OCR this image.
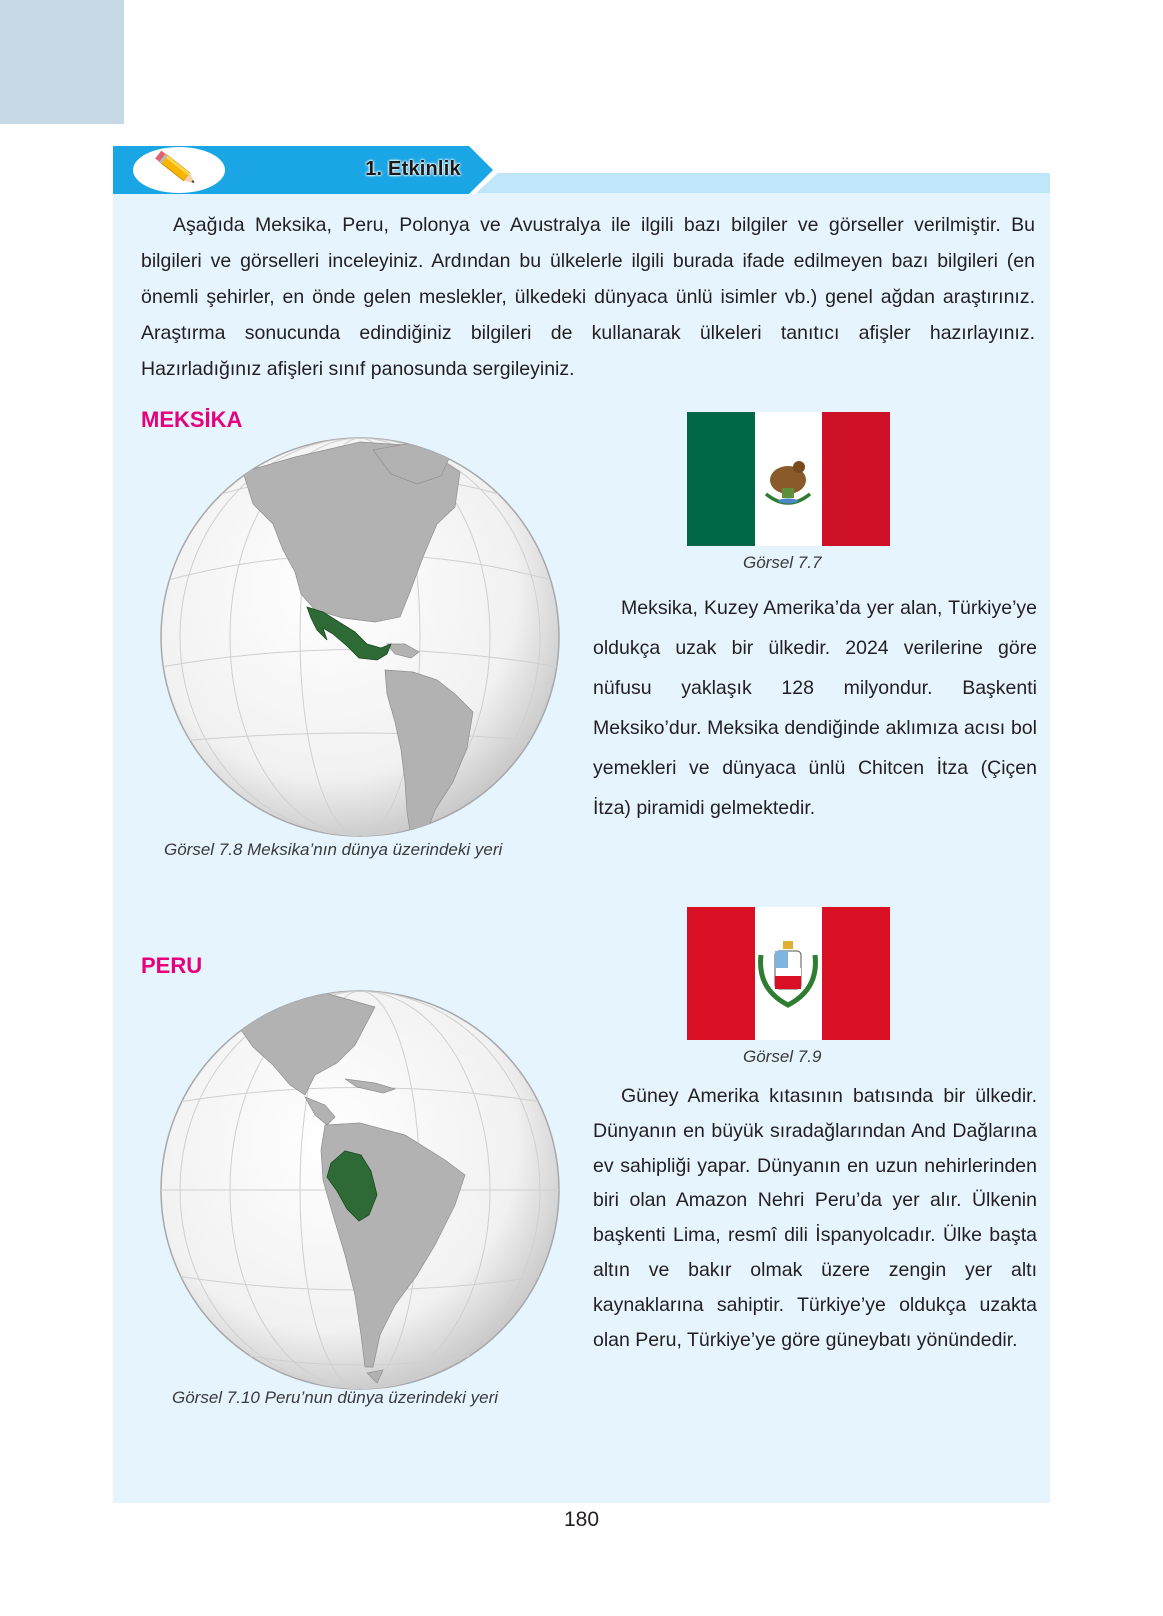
1. Etkinlik

Aşağıda Meksika, Peru, Polonya ve Avustralya ile ilgili bazı bilgiler ve görseller verilmiştir. Bu bilgileri ve görselleri inceleyiniz. Ardından bu ülkelerle ilgili burada ifade edilmeyen bazı bilgileri (en önemli şehirler, en önde gelen meslekler, ülkedeki dünyaca ünlü isimler vb.) genel ağdan araştırınız. Araştırma sonucunda edindiğiniz bilgileri de kullanarak ülkeleri tanıtıcı afişler hazırlayınız. Hazırladığınız afişleri sınıf panosunda sergileyiniz.

MEKSİKA
Görsel 7.7

Meksika, Kuzey Amerika’da yer alan, Türkiye’ye oldukça uzak bir ülkedir. 2024 verilerine göre nüfusu yaklaşık 128 milyondur. Başkenti Meksiko’dur. Meksika dendiğinde aklımıza acısı bol yemekleri ve dünyaca ünlü Chitcen İtza (Çiçen İtza) piramidi gelmektedir.

Görsel 7.8 Meksika’nın dünya üzerindeki yeri
PERU
Görsel 7.9
Görsel 7.10 Peru’nun dünya üzerindeki yeri

Güney Amerika kıtasının batısında bir ülkedir. Dünyanın en büyük sıradağlarından And Dağlarına ev sahipliği yapar. Dünyanın en uzun nehirlerinden biri olan Amazon Nehri Peru’da yer alır. Ülkenin başkenti Lima, resmî dili İspanyolcadır. Ülke başta altın ve bakır olmak üzere zengin yer altı kaynaklarına sahiptir. Türkiye’ye oldukça uzakta olan Peru, Türkiye’ye göre güneybatı yönündedir.

180
